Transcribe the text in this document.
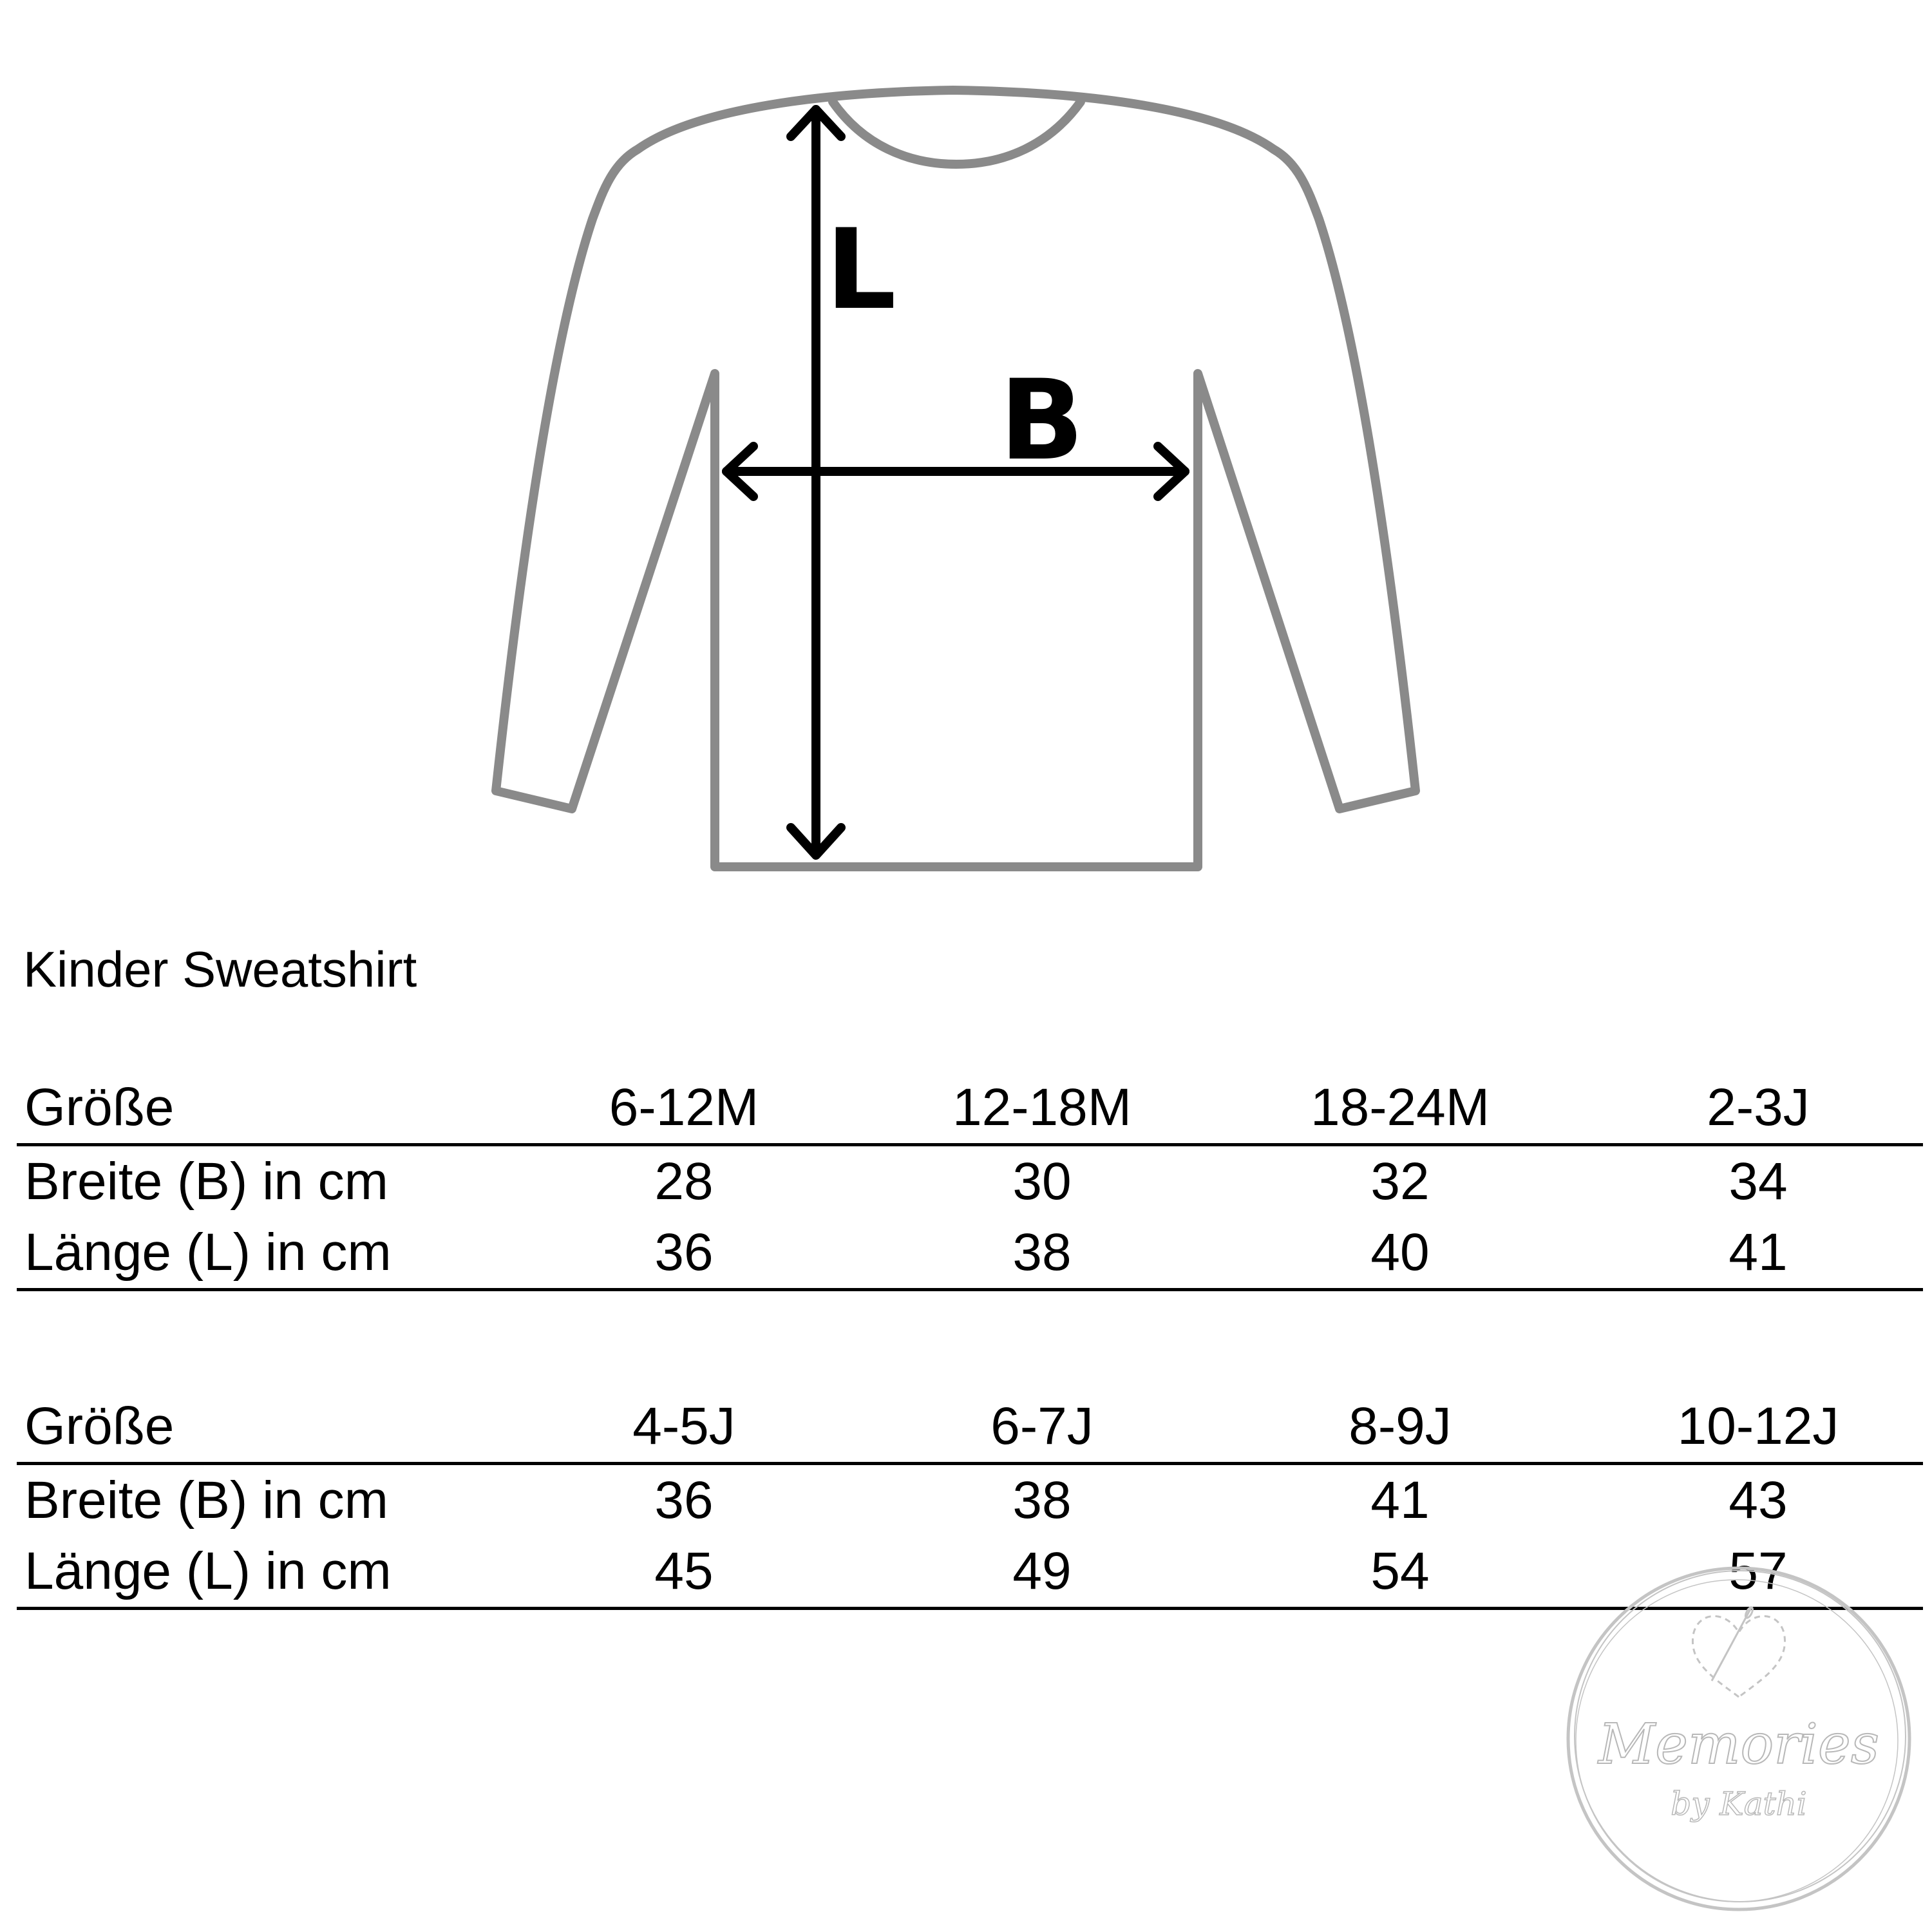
L
B
Kinder Sweatshirt
Größe	6-12M	12-18M	18-24M	2-3J
Breite (B) in cm	28	30	32	34
Länge (L) in cm	36	38	40	41
Größe	4-5J	6-7J	8-9J	10-12J
Breite (B) in cm	36	38	41	43
Länge (L) in cm	45	49	54	57
Memories
by Kathi
